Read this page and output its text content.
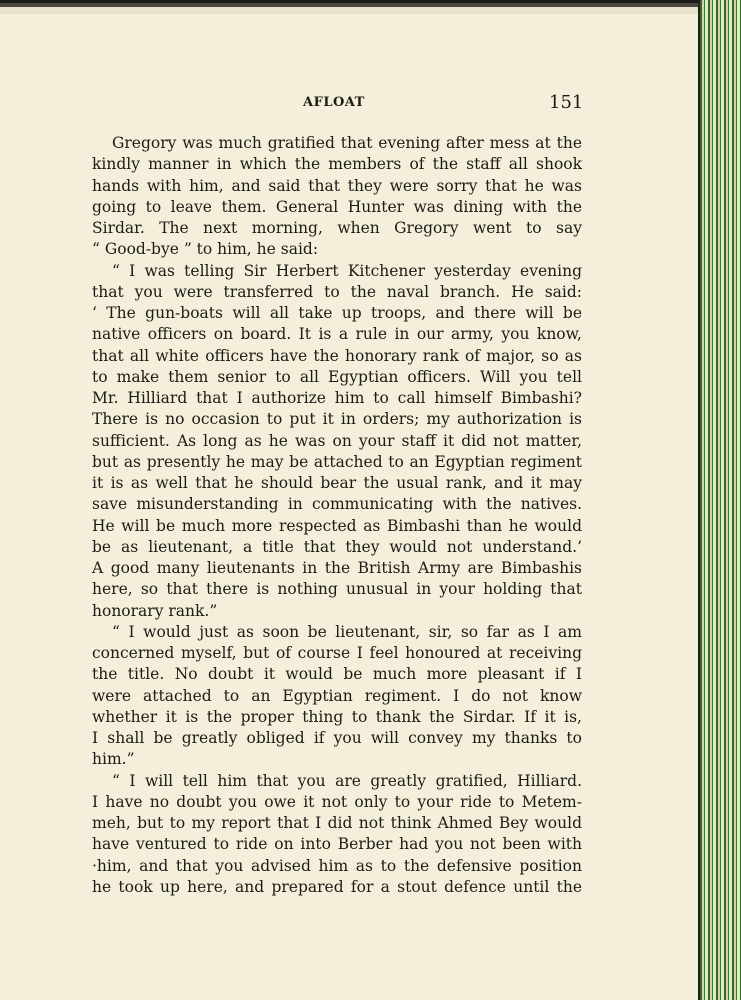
AFLOAT	151
Gregory was much gratified that evening after mess at the
kindly manner in which the members of the staff all shook
hands with him, and said that they were sorry that he was
going to leave them. General Hunter was dining with the
Sirdar. The next morning, when Gregory went to say
“ Good-bye ” to him, he said:
“ I was telling Sir Herbert Kitchener yesterday evening
that you were transferred to the naval branch. He said:
‘ The gun-boats will all take up troops, and there will be
native officers on board. It is a rule in our army, you know,
that all white officers have the honorary rank of major, so as
to make them senior to all Egyptian officers. Will you tell
Mr. Hilliard that I authorize him to call himself Bimbashi?
There is no occasion to put it in orders; my authorization is
sufficient. As long as he was on your staff it did not matter,
but as presently he may be attached to an Egyptian regiment
it is as well that he should bear the usual rank, and it may
save misunderstanding in communicating with the natives.
He will be much more respected as Bimbashi than he would
be as lieutenant, a title that they would not understand.’
A good many lieutenants in the British Army are Bimbashis
here, so that there is nothing unusual in your holding that
honorary rank.”
“ I would just as soon be lieutenant, sir, so far as I am
concerned myself, but of course I feel honoured at receiving
the title. No doubt it would be much more pleasant if I
were attached to an Egyptian regiment. I do not know
whether it is the proper thing to thank the Sirdar. If it is,
I shall be greatly obliged if you will convey my thanks to
him.”
“ I will tell him that you are greatly gratified, Hilliard.
I have no doubt you owe it not only to your ride to Metem-
meh, but to my report that I did not think Ahmed Bey would
have ventured to ride on into Berber had you not been with
·him, and that you advised him as to the defensive position
he took up here, and prepared for a stout defence until the
